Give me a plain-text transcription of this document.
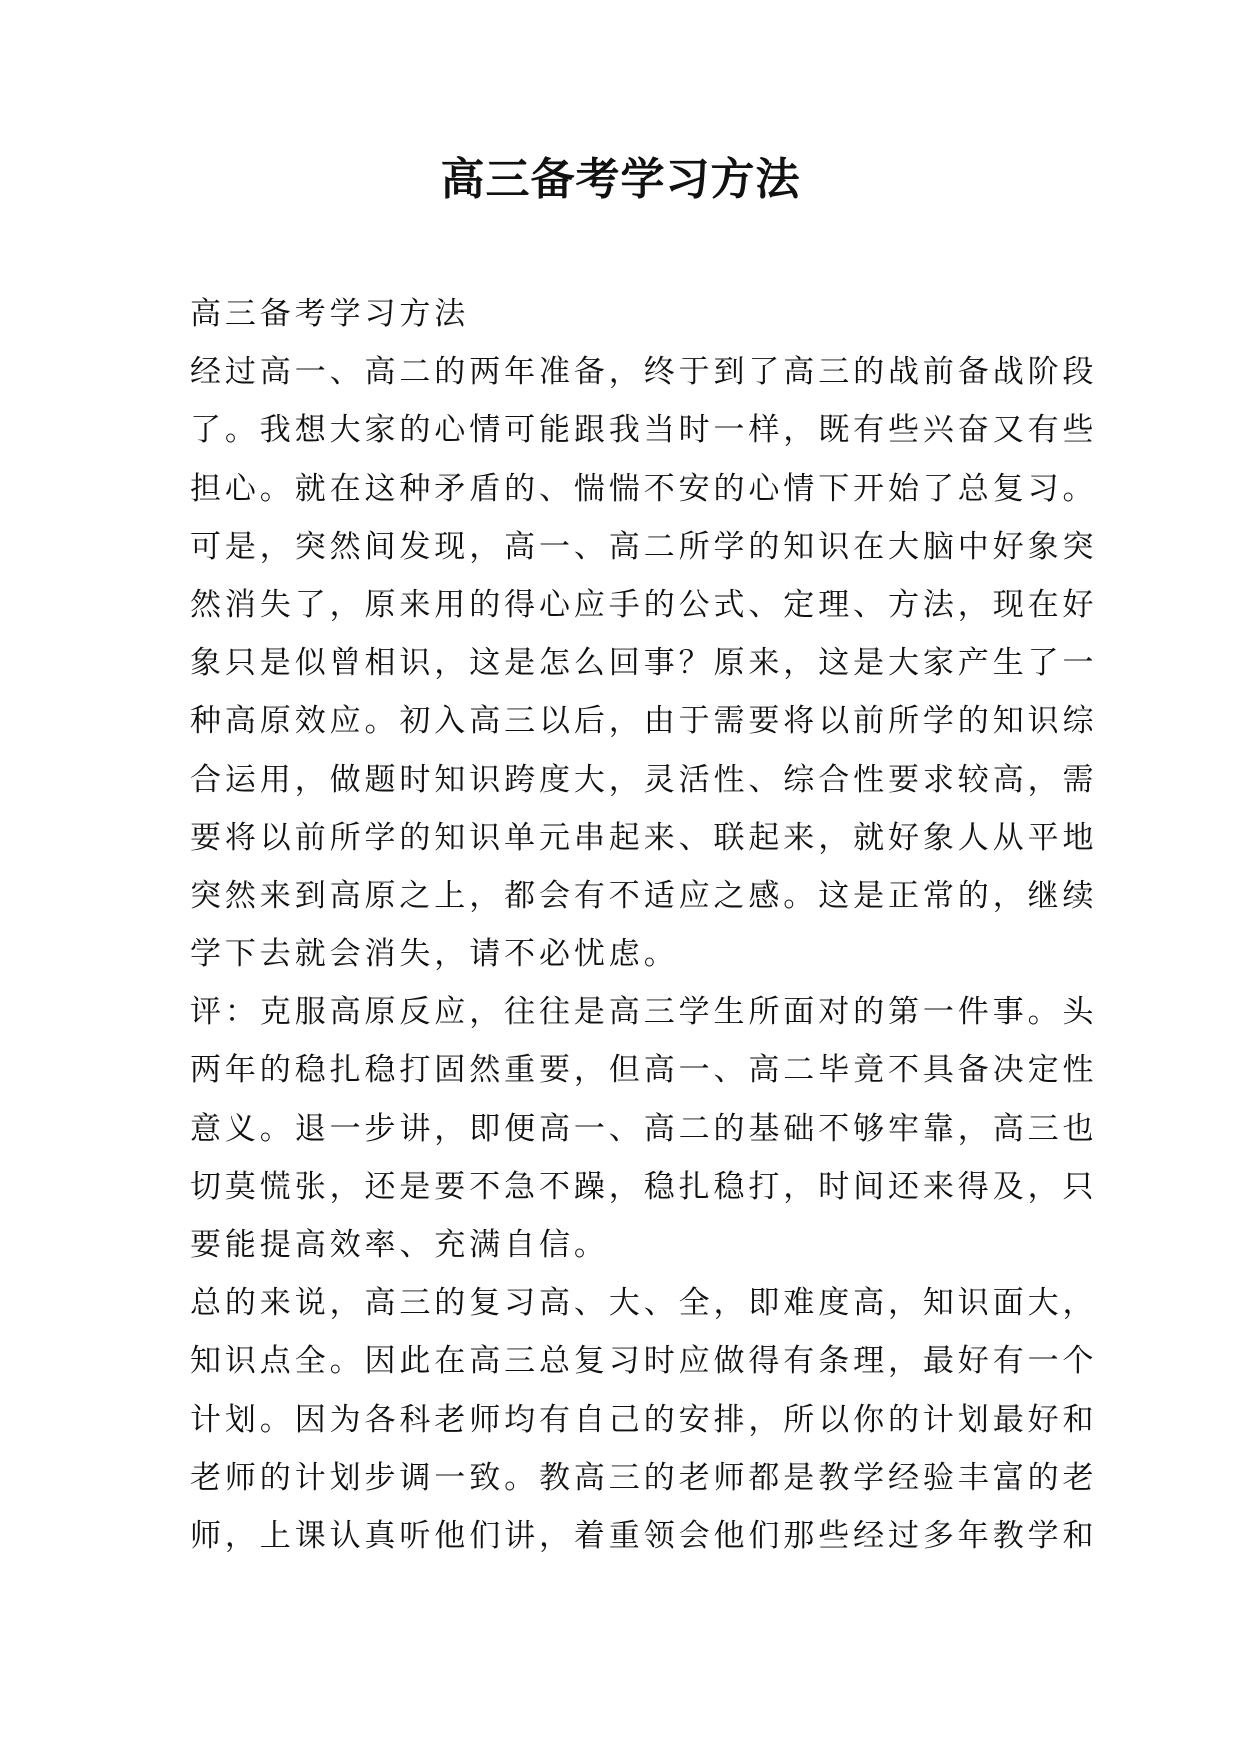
高三备考学习方法
高三备考学习方法
经过高一、高二的两年准备，终于到了高三的战前备战阶段
了。我想大家的心情可能跟我当时一样，既有些兴奋又有些
担心。就在这种矛盾的、惴惴不安的心情下开始了总复习。
可是，突然间发现，高一、高二所学的知识在大脑中好象突
然消失了，原来用的得心应手的公式、定理、方法，现在好
象只是似曾相识，这是怎么回事？原来，这是大家产生了一
种高原效应。初入高三以后，由于需要将以前所学的知识综
合运用，做题时知识跨度大，灵活性、综合性要求较高，需
要将以前所学的知识单元串起来、联起来，就好象人从平地
突然来到高原之上，都会有不适应之感。这是正常的，继续
学下去就会消失，请不必忧虑。
评：克服高原反应，往往是高三学生所面对的第一件事。头
两年的稳扎稳打固然重要，但高一、高二毕竟不具备决定性
意义。退一步讲，即便高一、高二的基础不够牢靠，高三也
切莫慌张，还是要不急不躁，稳扎稳打，时间还来得及，只
要能提高效率、充满自信。
总的来说，高三的复习高、大、全，即难度高，知识面大，
知识点全。因此在高三总复习时应做得有条理，最好有一个
计划。因为各科老师均有自己的安排，所以你的计划最好和
老师的计划步调一致。教高三的老师都是教学经验丰富的老
师，上课认真听他们讲，着重领会他们那些经过多年教学和
